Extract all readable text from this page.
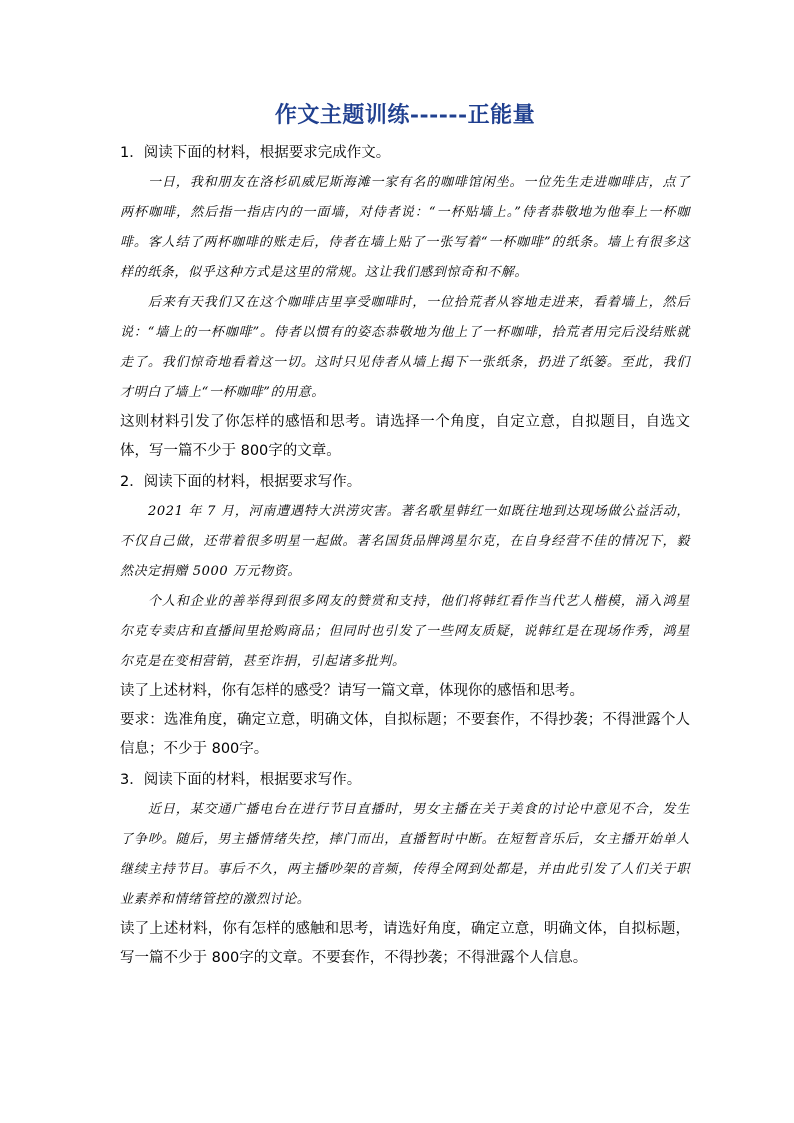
作文主题训练------正能量

1．阅读下面的材料，根据要求完成作文。

一日，我和朋友在洛杉矶威尼斯海滩一家有名的咖啡馆闲坐。一位先生走进咖啡店，点了两杯咖啡，然后指一指店内的一面墙，对侍者说：“一杯贴墙上。”侍者恭敬地为他奉上一杯咖啡。客人结了两杯咖啡的账走后，侍者在墙上贴了一张写着“一杯咖啡”的纸条。墙上有很多这样的纸条，似乎这种方式是这里的常规。这让我们感到惊奇和不解。

后来有天我们又在这个咖啡店里享受咖啡时，一位拾荒者从容地走进来，看着墙上，然后说：“墙上的一杯咖啡”。侍者以惯有的姿态恭敬地为他上了一杯咖啡，拾荒者用完后没结账就走了。我们惊奇地看着这一切。这时只见侍者从墙上揭下一张纸条，扔进了纸篓。至此，我们才明白了墙上“一杯咖啡”的用意。

这则材料引发了你怎样的感悟和思考。请选择一个角度，自定立意，自拟题目，自选文体，写一篇不少于 800字的文章。

2．阅读下面的材料，根据要求写作。

2021 年 7 月，河南遭遇特大洪涝灾害。著名歌星韩红一如既往地到达现场做公益活动，不仅自己做，还带着很多明星一起做。著名国货品牌鸿星尔克，在自身经营不佳的情况下，毅然决定捐赠 5000 万元物资。

个人和企业的善举得到很多网友的赞赏和支持，他们将韩红看作当代艺人楷模，涌入鸿星尔克专卖店和直播间里抢购商品；但同时也引发了一些网友质疑，说韩红是在现场作秀，鸿星尔克是在变相营销，甚至诈捐，引起诸多批判。

读了上述材料，你有怎样的感受？请写一篇文章，体现你的感悟和思考。

要求：选准角度，确定立意，明确文体，自拟标题；不要套作，不得抄袭；不得泄露个人信息；不少于 800字。

3．阅读下面的材料，根据要求写作。

近日，某交通广播电台在进行节目直播时，男女主播在关于美食的讨论中意见不合，发生了争吵。随后，男主播情绪失控，摔门而出，直播暂时中断。在短暂音乐后，女主播开始单人继续主持节目。事后不久，两主播吵架的音频，传得全网到处都是，并由此引发了人们关于职业素养和情绪管控的激烈讨论。

读了上述材料，你有怎样的感触和思考，请选好角度，确定立意，明确文体，自拟标题，写一篇不少于 800字的文章。不要套作，不得抄袭；不得泄露个人信息。
